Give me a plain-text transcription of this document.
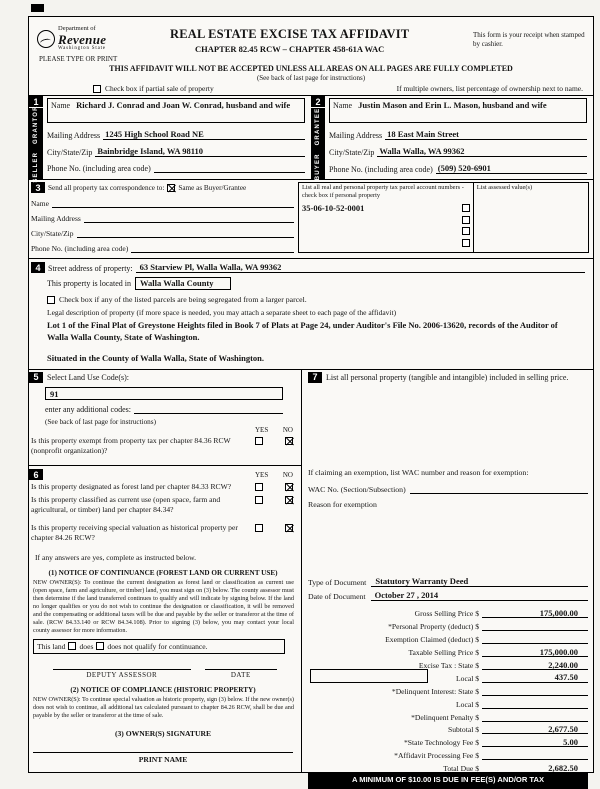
Department of
Revenue
Washington State
REAL ESTATE EXCISE TAX AFFIDAVIT
CHAPTER 82.45 RCW – CHAPTER 458-61A WAC
This form is your receipt when stamped by cashier.
PLEASE TYPE OR PRINT
THIS AFFIDAVIT WILL NOT BE ACCEPTED UNLESS ALL AREAS ON ALL PAGES ARE FULLY COMPLETED
(See back of last page for instructions)
Check box if partial sale of property	If multiple owners, list percentage of ownership next to name.
1
SELLER GRANTOR	Name Richard J. Conrad and Joan W. Conrad, husband and wife
Mailing Address 1245 High School Road NE
City/State/Zip Bainbridge Island, WA 98110
Phone No. (including area code)
2
BUYER GRANTEE
Name Justin Mason and Erin L. Mason, husband and wife
Mailing Address 18 East Main Street
City/State/Zip Walla Walla, WA 99362
Phone No. (including area code) (509) 520-6901
3	Send all property tax correspondence to: Same as Buyer/Grantee
Name
Mailing Address
City/State/Zip
Phone No. (including area code)
List all real and personal property tax parcel account numbers - check box if personal property
35-06-10-52-0001
List assessed value(s)
4 Street address of property: 63 Starview Pl, Walla Walla, WA 99362
This property is located in	Walla Walla County
Check box if any of the listed parcels are being segregated from a larger parcel.
Legal description of property (if more space is needed, you may attach a separate sheet to each page of the affidavit)
Lot 1 of the Final Plat of Greystone Heights filed in Book 7 of Plats at Page 24, under Auditor's File No. 2006-13620, records of the Auditor of Walla Walla County, State of Washington.
Situated in the County of Walla Walla, State of Washington.
5	Select Land Use Code(s):
91
enter any additional codes:
(See back of last page for instructions)
YES NO
Is this property exempt from property tax per chapter 84.36 RCW (nonprofit organization)?
6	YES NO
Is this property designated as forest land per chapter 84.33 RCW?
Is this property classified as current use (open space, farm and agricultural, or timber) land per chapter 84.34?
Is this property receiving special valuation as historical property per chapter 84.26 RCW?
If any answers are yes, complete as instructed below.
(1) NOTICE OF CONTINUANCE (FOREST LAND OR CURRENT USE)
NEW OWNER(S): To continue the current designation as forest land or classification as current use (open space, farm and agriculture, or timber) land, you must sign on (3) below. The county assessor must then determine if the land transferred continues to qualify and will indicate by signing below. If the land no longer qualifies or you do not wish to continue the designation or classification, it will be removed and the compensating or additional taxes will be due and payable by the seller or transferor at the time of sale. (RCW 84.33.140 or RCW 84.34.108). Prior to signing (3) below, you may contact your local county assessor for more information.
This land does does not qualify for continuance.
DEPUTY ASSESSOR	DATE
(2) NOTICE OF COMPLIANCE (HISTORIC PROPERTY)
NEW OWNER(S): To continue special valuation as historic property, sign (3) below. If the new owner(s) does not wish to continue, all additional tax calculated pursuant to chapter 84.26 RCW, shall be due and payable by the seller or transferor at the time of sale.
(3) OWNER(S) SIGNATURE
PRINT NAME
7	List all personal property (tangible and intangible) included in selling price.
If claiming an exemption, list WAC number and reason for exemption:
WAC No. (Section/Subsection)
Reason for exemption
Type of Document	Statutory Warranty Deed
Date of Document	October 27 , 2014
Gross Selling Price $	175,000.00
*Personal Property (deduct) $
Exemption Claimed (deduct) $
Taxable Selling Price $	175,000.00
Excise Tax : State $	2,240.00
Local $	437.50
*Delinquent Interest: State $
Local $
*Delinquent Penalty $
Subtotal $	2,677.50
*State Technology Fee $	5.00
*Affidavit Processing Fee $
Total Due $	2,682.50
A MINIMUM OF $10.00 IS DUE IN FEE(S) AND/OR TAX
